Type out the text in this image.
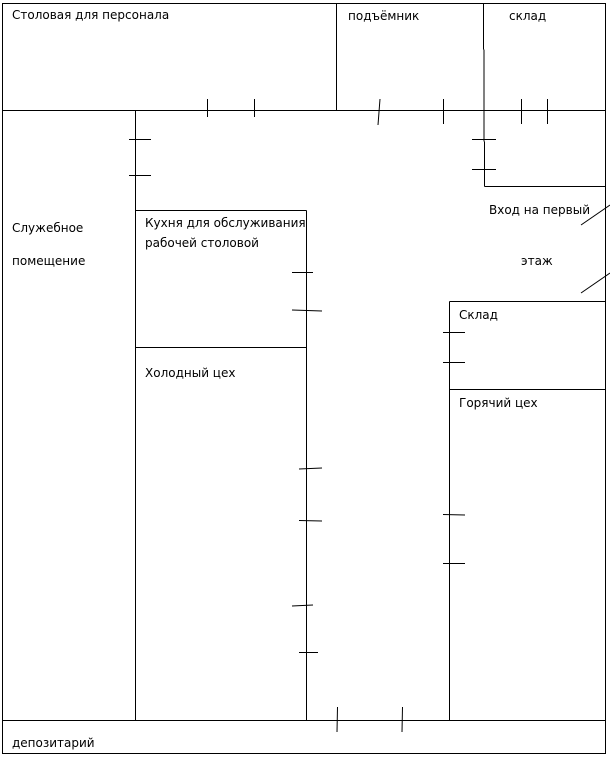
Столовая для персонала	подъёмник	склад
Служебное
помещение
Кухня для обслуживания
рабочей столовой
Холодный цех
Вход на первый
этаж
Склад
Горячий цех
депозитарий
